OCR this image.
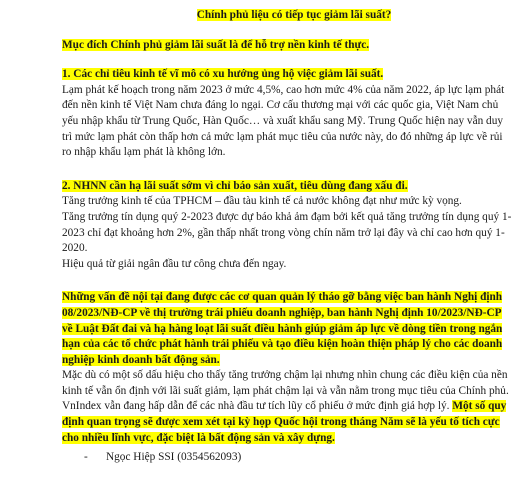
Chính phủ liệu có tiếp tục giảm lãi suất?
Mục đích Chính phủ giảm lãi suất là để hỗ trợ nền kinh tế thực.
1. Các chỉ tiêu kinh tế vĩ mô có xu hướng ủng hộ việc giảm lãi suất.

Lạm phát kế hoạch trong năm 2023 ở mức 4,5%, cao hơn mức 4% của năm 2022, áp lực lạm phát đến nền kinh tế Việt Nam chưa đáng lo ngại. Cơ cấu thương mại với các quốc gia, Việt Nam chủ yếu nhập khẩu từ Trung Quốc, Hàn Quốc… và xuất khẩu sang Mỹ. Trung Quốc hiện nay vẫn duy trì mức lạm phát còn thấp hơn cả mức lạm phát mục tiêu của nước này, do đó những áp lực về rủi ro nhập khẩu lạm phát là không lớn.

2. NHNN cần hạ lãi suất sớm vì chỉ báo sản xuất, tiêu dùng đang xấu đi.

Tăng trưởng kinh tế của TPHCM – đầu tàu kinh tế cả nước không đạt như mức kỳ vọng.

Tăng trưởng tín dụng quý 2-2023 được dự báo khả ảm đạm bởi kết quả tăng trưởng tín dụng quý 1- 2023 chỉ đạt khoảng hơn 2%, gần thấp nhất trong vòng chín năm trở lại đây và chỉ cao hơn quý 1-2020.

Hiệu quả từ giải ngân đầu tư công chưa đến ngay.

Những vấn đề nội tại đang được các cơ quan quản lý tháo gỡ bằng việc ban hành Nghị định 08/2023/NĐ-CP về thị trường trái phiếu doanh nghiệp, ban hành Nghị định 10/2023/NĐ-CP về Luật Đất đai và hạ hàng loạt lãi suất điều hành giúp giảm áp lực về dòng tiền trong ngắn hạn của các tổ chức phát hành trái phiếu và tạo điều kiện hoàn thiện pháp lý cho các doanh nghiệp kinh doanh bất động sản.

Mặc dù có một số dấu hiệu cho thấy tăng trưởng chậm lại nhưng nhìn chung các điều kiện của nền kinh tế vẫn ổn định với lãi suất giảm, lạm phát chậm lại và vẫn nằm trong mục tiêu của Chính phủ. VnIndex vẫn đang hấp dẫn để các nhà đầu tư tích lũy cổ phiếu ở mức định giá hợp lý. Một số quy định quan trọng sẽ được xem xét tại kỳ họp Quốc hội trong tháng Năm sẽ là yếu tố tích cực cho nhiều lĩnh vực, đặc biệt là bất động sản và xây dựng.

- Ngọc Hiệp SSI (0354562093)
